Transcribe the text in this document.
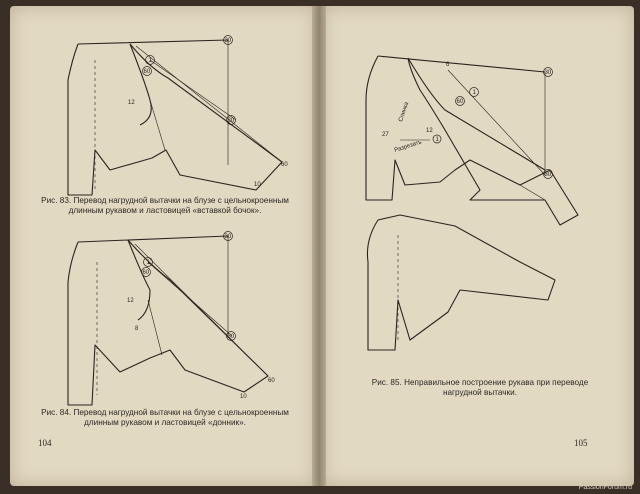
30
1
60
12
30
10
60
30
1
60
12
8
30
60
10
30
6
1
60
12
1
27
30
Спинка
Разрезать
Рис. 83. Перевод нагрудной вытачки на блузе с цельнокроенным
длинным рукавом и ластовицей «вставкой бочок».
Рис. 84. Перевод нагрудной вытачки на блузе с цельнокроенным
длинным рукавом и ластовицей «донник».
Рис. 85. Неправильное построение рукава при переводе
нагрудной вытачки.
104	105
PassionForum.ru
